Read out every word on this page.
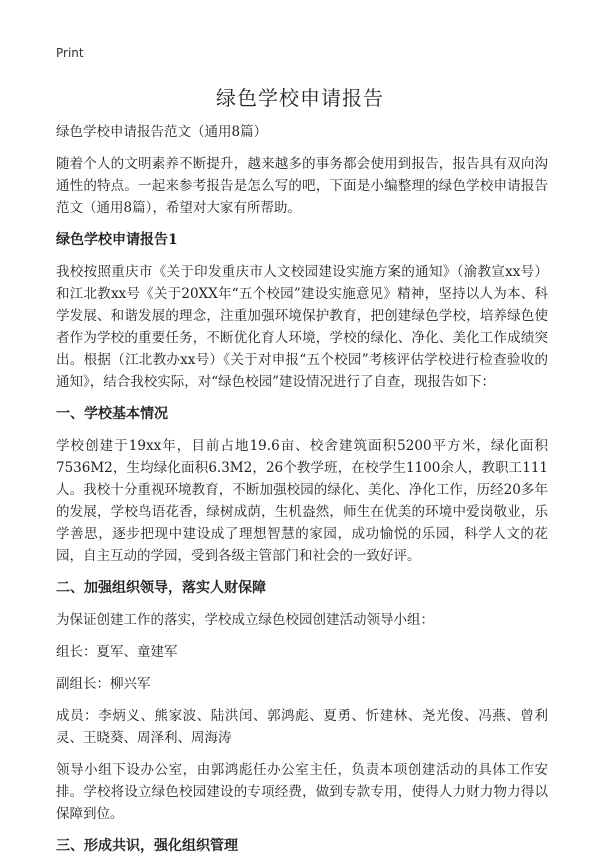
Print
绿色学校申请报告

绿色学校申请报告范文（通用8篇）

随着个人的文明素养不断提升，越来越多的事务都会使用到报告，报告具有双向沟通性的特点。一起来参考报告是怎么写的吧，下面是小编整理的绿色学校申请报告范文（通用8篇），希望对大家有所帮助。

绿色学校申请报告1

我校按照重庆市《关于印发重庆市人文校园建设实施方案的通知》（渝教宣xx号）和江北教xx号《关于20XX年“五个校园”建设实施意见》精神，坚持以人为本、科学发展、和谐发展的理念，注重加强环境保护教育，把创建绿色学校，培养绿色使者作为学校的重要任务，不断优化育人环境，学校的绿化、净化、美化工作成绩突出。根据（江北教办xx号）《关于对申报“五个校园”考核评估学校进行检查验收的通知》，结合我校实际，对“绿色校园”建设情况进行了自查，现报告如下：

一、学校基本情况

学校创建于19xx年，目前占地19.6亩、校舍建筑面积5200平方米，绿化面积7536M2，生均绿化面积6.3M2，26个教学班，在校学生1100余人，教职工111人。我校十分重视环境教育，不断加强校园的绿化、美化、净化工作，历经20多年的发展，学校鸟语花香，绿树成荫，生机盎然，师生在优美的环境中爱岗敬业，乐学善思，逐步把现中建设成了理想智慧的家园，成功愉悦的乐园，科学人文的花园，自主互动的学园，受到各级主管部门和社会的一致好评。

二、加强组织领导，落实人财保障

为保证创建工作的落实，学校成立绿色校园创建活动领导小组：

组长：夏军、童建军

副组长：柳兴军

成员：李炳义、熊家波、陆洪闰、郭鸿彪、夏勇、忻建林、尧光俊、冯燕、曾利灵、王晓葵、周泽利、周海涛

领导小组下设办公室，由郭鸿彪任办公室主任，负责本项创建活动的具体工作安排。学校将设立绿色校园建设的专项经费，做到专款专用，使得人力财力物力得以保障到位。

三、形成共识，强化组织管理
